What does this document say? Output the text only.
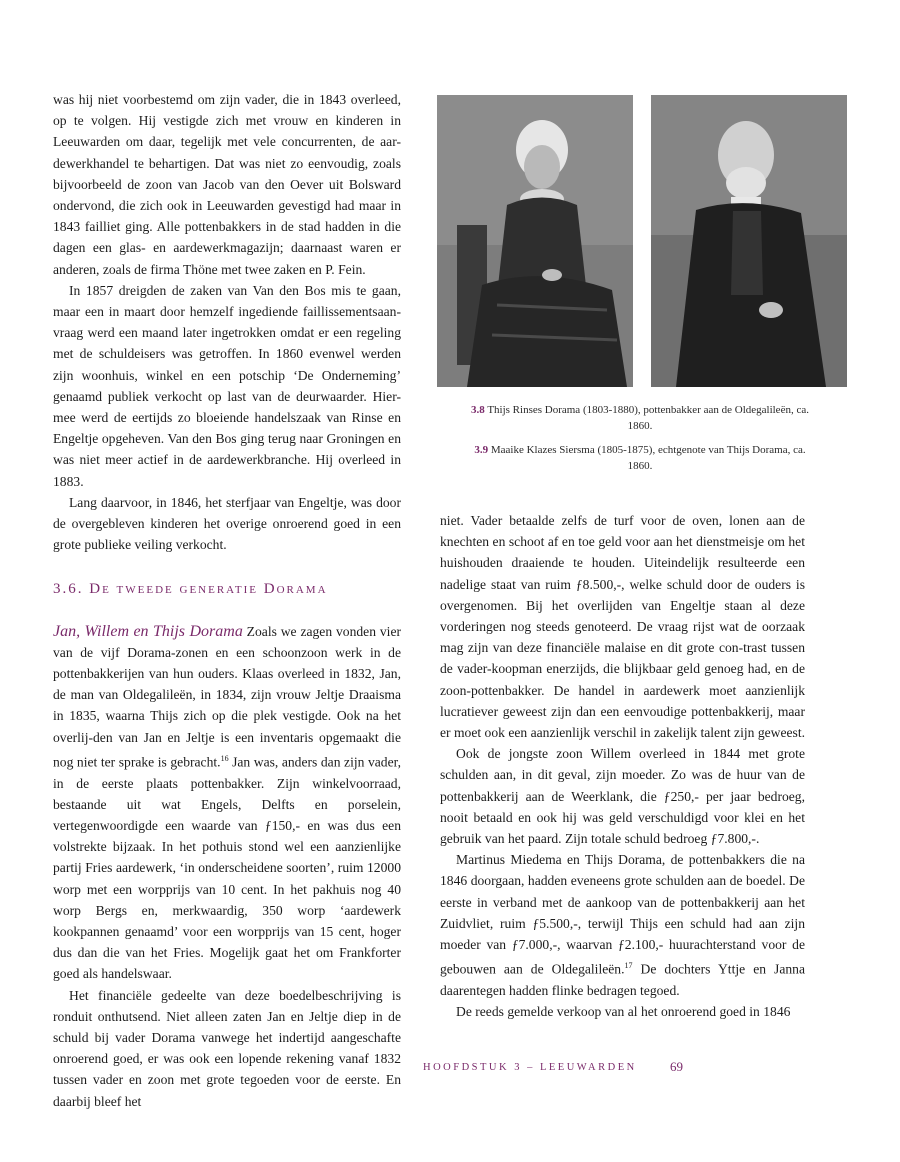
was hij niet voorbestemd om zijn vader, die in 1843 overleed, op te volgen. Hij vestigde zich met vrouw en kinderen in Leeuwarden om daar, tegelijk met vele concurrenten, de aar-dewerkhandel te behartigen. Dat was niet zo eenvoudig, zoals bijvoorbeeld de zoon van Jacob van den Oever uit Bolsward ondervond, die zich ook in Leeuwarden gevestigd had maar in 1843 failliet ging. Alle pottenbakkers in de stad hadden in die dagen een glas- en aardewerkmagazijn; daarnaast waren er anderen, zoals de firma Thöne met twee zaken en P. Fein.

In 1857 dreigden de zaken van Van den Bos mis te gaan, maar een in maart door hemzelf ingediende faillissementsaan-vraag werd een maand later ingetrokken omdat er een regeling met de schuldeisers was getroffen. In 1860 evenwel werden zijn woonhuis, winkel en een potschip ‘De Onderneming’ genaamd publiek verkocht op last van de deurwaarder. Hier-mee werd de eertijds zo bloeiende handelszaak van Rinse en Engeltje opgeheven. Van den Bos ging terug naar Groningen en was niet meer actief in de aardewerkbranche. Hij overleed in 1883.

Lang daarvoor, in 1846, het sterfjaar van Engeltje, was door de overgebleven kinderen het overige onroerend goed in een grote publieke veiling verkocht.

3.6. De tweede generatie Dorama

Jan, Willem en Thijs Dorama Zoals we zagen vonden vier van de vijf Dorama-zonen en een schoonzoon werk in de pottenbakkerijen van hun ouders. Klaas overleed in 1832, Jan, de man van Oldegalileën, in 1834, zijn vrouw Jeltje Draaisma in 1835, waarna Thijs zich op die plek vestigde. Ook na het overlij-den van Jan en Jeltje is een inventaris opgemaakt die nog niet ter sprake is gebracht.$^{16}$ Jan was, anders dan zijn vader, in de eerste plaats pottenbakker. Zijn winkelvoorraad, bestaande uit wat Engels, Delfts en porselein, vertegenwoordigde een waarde van ƒ150,- en was dus een volstrekte bijzaak. In het pothuis stond wel een aanzienlijke partij Fries aardewerk, ‘in onderscheidene soorten’, ruim 12000 worp met een worpprijs van 10 cent. In het pakhuis nog 40 worp Bergs en, merkwaardig, 350 worp ‘aardewerk kookpannen genaamd’ voor een worpprijs van 15 cent, hoger dus dan die van het Fries. Mogelijk gaat het om Frankforter goed als handelswaar.

Het financiële gedeelte van deze boedelbeschrijving is ronduit onthutsend. Niet alleen zaten Jan en Jeltje diep in de schuld bij vader Dorama vanwege het indertijd aangeschafte onroerend goed, er was ook een lopende rekening vanaf 1832 tussen vader en zoon met grote tegoeden voor de eerste. En daarbij bleef het

3.8 Thijs Rinses Dorama (1803-1880), pottenbakker aan de Oldegalileën, ca. 1860.
3.9 Maaike Klazes Siersma (1805-1875), echtgenote van Thijs Dorama, ca. 1860.

niet. Vader betaalde zelfs de turf voor de oven, lonen aan de knechten en schoot af en toe geld voor aan het dienstmeisje om het huishouden draaiende te houden. Uiteindelijk resulteerde een nadelige staat van ruim ƒ8.500,-, welke schuld door de ouders is overgenomen. Bij het overlijden van Engeltje staan al deze vorderingen nog steeds genoteerd. De vraag rijst wat de oorzaak mag zijn van deze financiële malaise en dit grote con-trast tussen de vader-koopman enerzijds, die blijkbaar geld genoeg had, en de zoon-pottenbakker. De handel in aardewerk moet aanzienlijk lucratiever geweest zijn dan een eenvoudige pottenbakkerij, maar er moet ook een aanzienlijk verschil in zakelijk talent zijn geweest.

Ook de jongste zoon Willem overleed in 1844 met grote schulden aan, in dit geval, zijn moeder. Zo was de huur van de pottenbakkerij aan de Weerklank, die ƒ250,- per jaar bedroeg, nooit betaald en ook hij was geld verschuldigd voor klei en het gebruik van het paard. Zijn totale schuld bedroeg ƒ7.800,-.

Martinus Miedema en Thijs Dorama, de pottenbakkers die na 1846 doorgaan, hadden eveneens grote schulden aan de boedel. De eerste in verband met de aankoop van de pottenbakkerij aan het Zuidvliet, ruim ƒ5.500,-, terwijl Thijs een schuld had aan zijn moeder van ƒ7.000,-, waarvan ƒ2.100,- huurachterstand voor de gebouwen aan de Oldegalileën.$^{17}$ De dochters Yttje en Janna daarentegen hadden flinke bedragen tegoed.

De reeds gemelde verkoop van al het onroerend goed in 1846

HOOFDSTUK 3 – LEEUWARDEN	69
